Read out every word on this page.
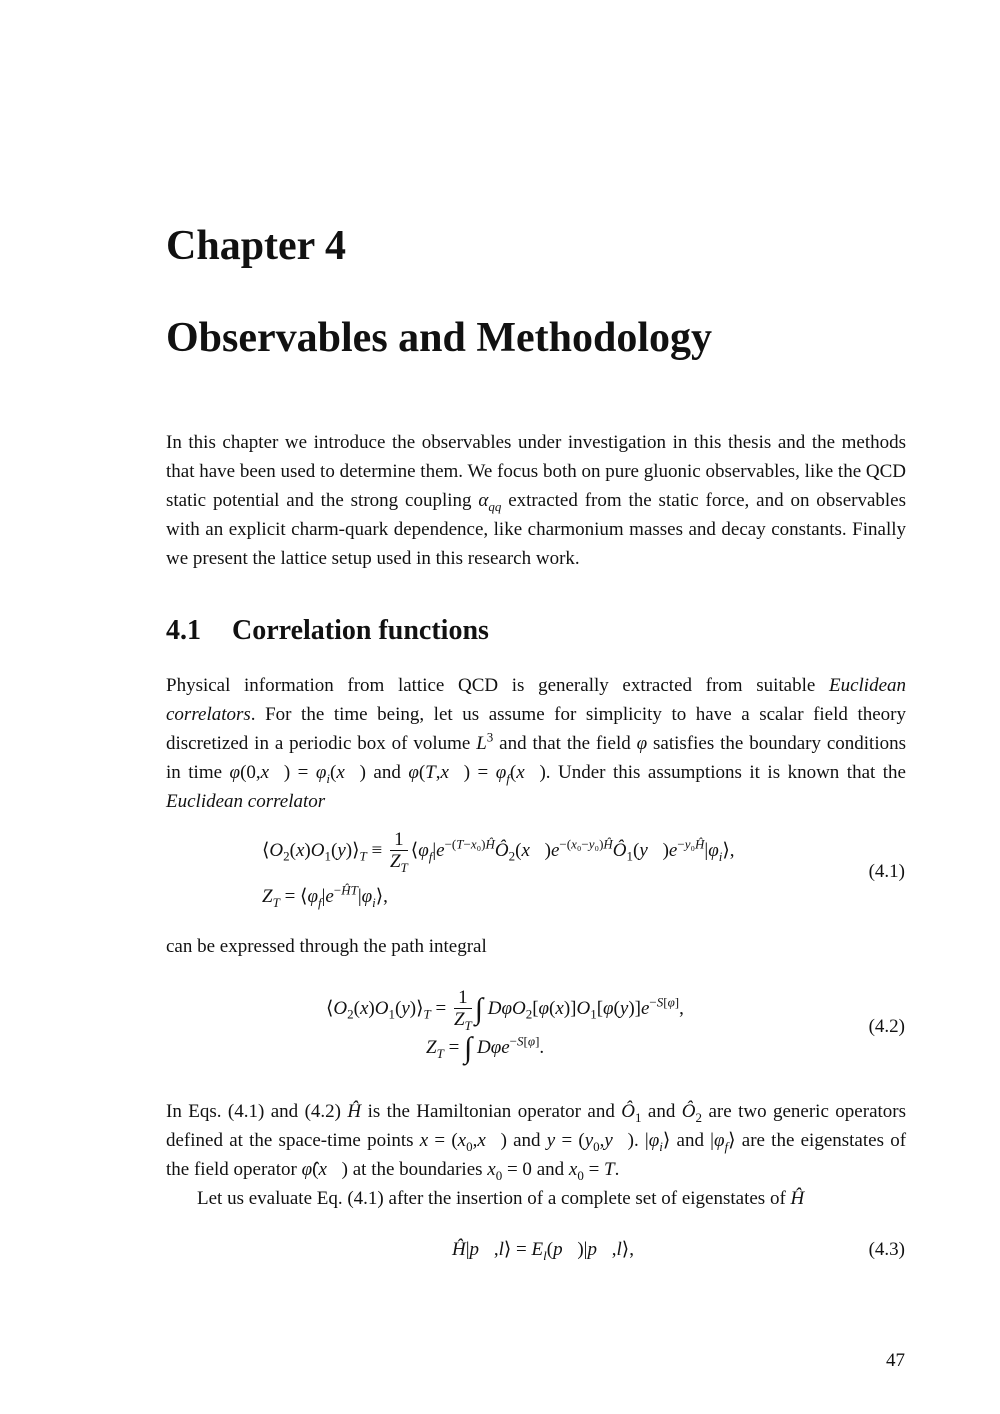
Chapter 4
Observables and Methodology
In this chapter we introduce the observables under investigation in this thesis and the methods that have been used to determine them. We focus both on pure gluonic observables, like the QCD static potential and the strong coupling $\alpha_{qq}$ extracted from the static force, and on observables with an explicit charm-quark dependence, like charmonium masses and decay constants. Finally we present the lattice setup used in this research work.
4.1 Correlation functions
Physical information from lattice QCD is generally extracted from suitable Euclidean correlators. For the time being, let us assume for simplicity to have a scalar field theory discretized in a periodic box of volume $L^3$ and that the field φ satisfies the boundary conditions in time φ(0,x⃗) = $\varphi_i(x⃗)$ and φ(T,x⃗) = $\varphi_f(x⃗)$. Under this assumptions it is known that the Euclidean correlator
$⟨O_2(x)O_1(y)⟩_T \equiv \frac{1}{Z_T}$ $⟨\varphi_f|e^{-(T-x_0)Ĥ}Ô_2(x⃗)e^{-(x_0-y_0)Ĥ}Ô_1(y⃗)e^{-y_0Ĥ}|\varphi_i⟩$,
$Z_T$ = $⟨\varphi_f|e^{-ĤT}|\varphi_i⟩$,
(4.1)
can be expressed through the path integral
$⟨O_2(x)O_1(y)⟩_T = \frac{1}{Z_T}$ ∫ $D\varphi O_2[\varphi(x)]O_1[\varphi(y)]e^{-S[\varphi]}$,
$Z_T$ = ∫ Dφe$^{-S[\varphi]}$.
(4.2)
In Eqs. (4.1) and (4.2) Ĥ is the Hamiltonian operator and $Ô_1$ and $Ô_2$ are two generic operators defined at the space-time points $x = (x_0,x⃗)$ and $y = (y_0,y⃗)$. $|\varphi_i⟩$ and $|\varphi_f⟩$ are the eigenstates of the field operator φ̂(x⃗) at the boundaries $x_0 = 0$ and $x_0 = T$.
Let us evaluate Eq. (4.1) after the insertion of a complete set of eigenstates of Ĥ
Ĥ|p⃗,l⟩ = $E_l(p⃗)|p⃗,l⟩$,	(4.3)
47
